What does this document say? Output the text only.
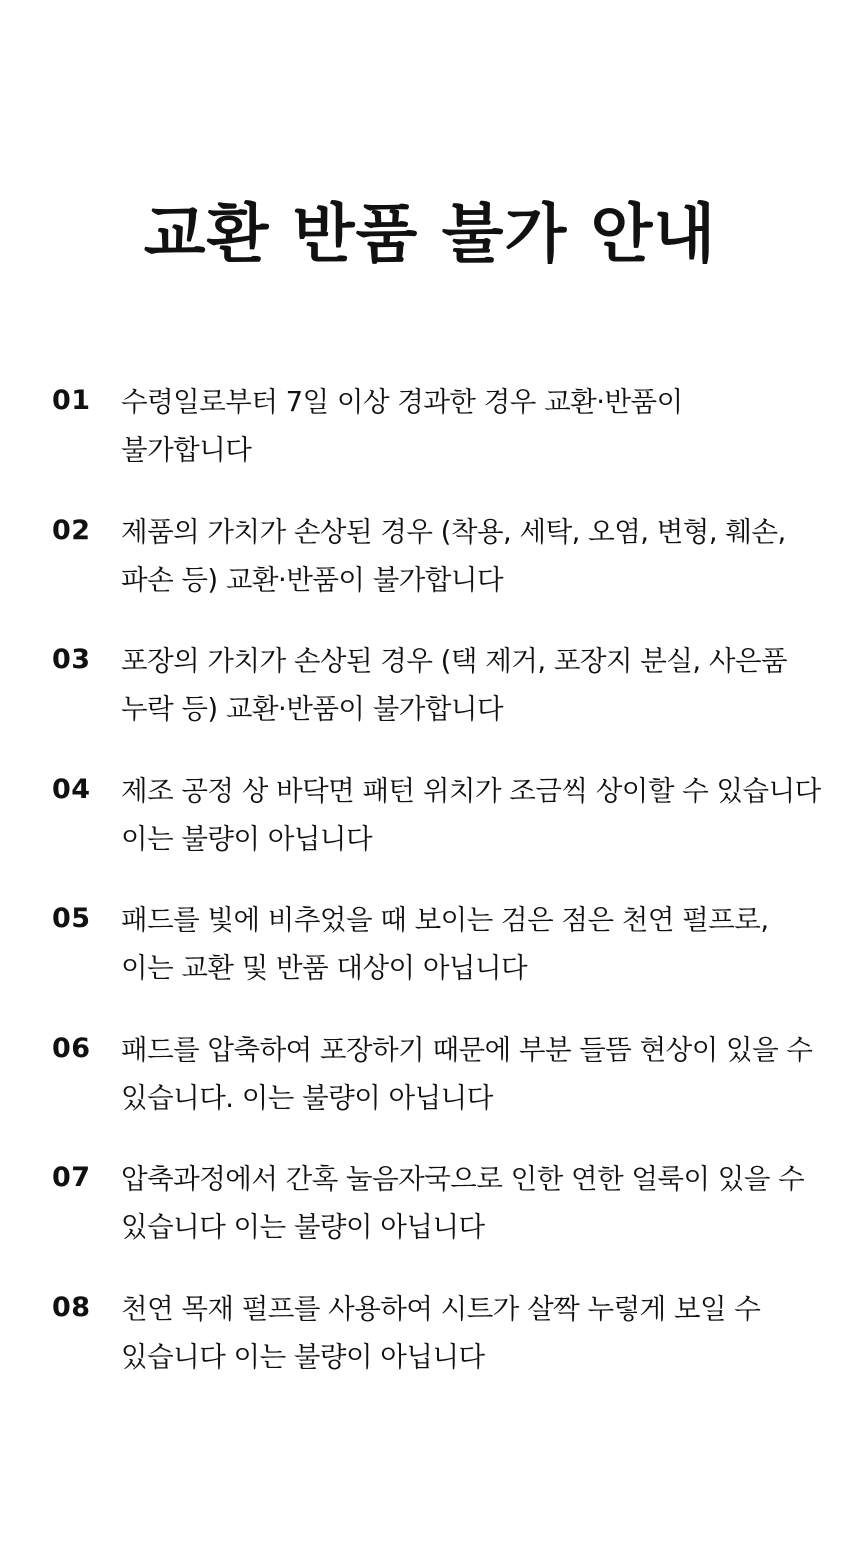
교환 반품 불가 안내
01 수령일로부터 7일 이상 경과한 경우 교환·반품이
불가합니다
02 제품의 가치가 손상된 경우 (착용, 세탁, 오염, 변형, 훼손,
파손 등) 교환·반품이 불가합니다
03 포장의 가치가 손상된 경우 (택 제거, 포장지 분실, 사은품
누락 등) 교환·반품이 불가합니다
04 제조 공정 상 바닥면 패턴 위치가 조금씩 상이할 수 있습니다
이는 불량이 아닙니다
05 패드를 빛에 비추었을 때 보이는 검은 점은 천연 펄프로,
이는 교환 및 반품 대상이 아닙니다
06 패드를 압축하여 포장하기 때문에 부분 들뜸 현상이 있을 수
있습니다. 이는 불량이 아닙니다
07 압축과정에서 간혹 눌음자국으로 인한 연한 얼룩이 있을 수
있습니다 이는 불량이 아닙니다
08 천연 목재 펄프를 사용하여 시트가 살짝 누렇게 보일 수
있습니다 이는 불량이 아닙니다
